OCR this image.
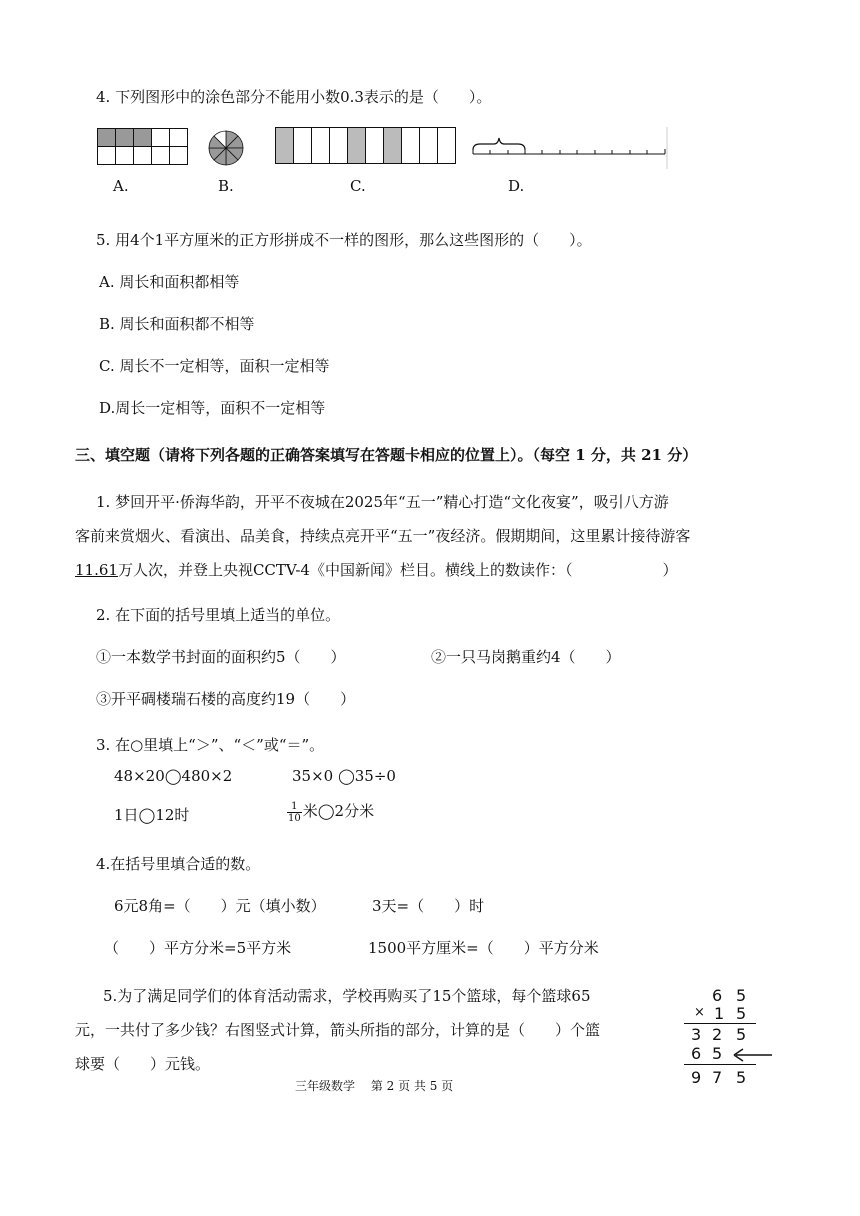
4. 下列图形中的涂色部分不能用小数0.3表示的是（　　）。
A.	B.	C.	D.
5. 用4个1平方厘米的正方形拼成不一样的图形，那么这些图形的（　　）。
A. 周长和面积都相等
B. 周长和面积都不相等
C. 周长不一定相等，面积一定相等
D.周长一定相等，面积不一定相等
三、填空题（请将下列各题的正确答案填写在答题卡相应的位置上）。（每空 1 分，共 21 分）
1. 梦回开平·侨海华韵，开平不夜城在2025年“五一”精心打造“文化夜宴”，吸引八方游
客前来赏烟火、看演出、品美食，持续点亮开平“五一”夜经济。假期期间，这里累计接待游客
11.61万人次，并登上央视CCTV-4《中国新闻》栏目。横线上的数读作：（　　　　　　）
2. 在下面的括号里填上适当的单位。
①一本数学书封面的面积约5（　　）	②一只马岗鹅重约4（　　）
③开平碉楼瑞石楼的高度约19（　　）
3. 在○里填上“＞”、“＜”或“＝”。
48×20◯480×2	35×0 ◯35÷0
1日◯12时	$\frac{1}{10}$ 米◯2分米
4.在括号里填合适的数。
6元8角=（　　）元（填小数）	3天=（　　）时
（　　）平方分米=5平方米	1500平方厘米=（　　）平方分米
5.为了满足同学们的体育活动需求，学校再购买了15个篮球，每个篮球65
元，一共付了多少钱？右图竖式计算，箭头所指的部分，计算的是（　　）个篮
球要（　　）元钱。
6 5
× 1 5
3 2 5
6 5
9 7 5
三年级数学　 第 2 页 共 5 页
